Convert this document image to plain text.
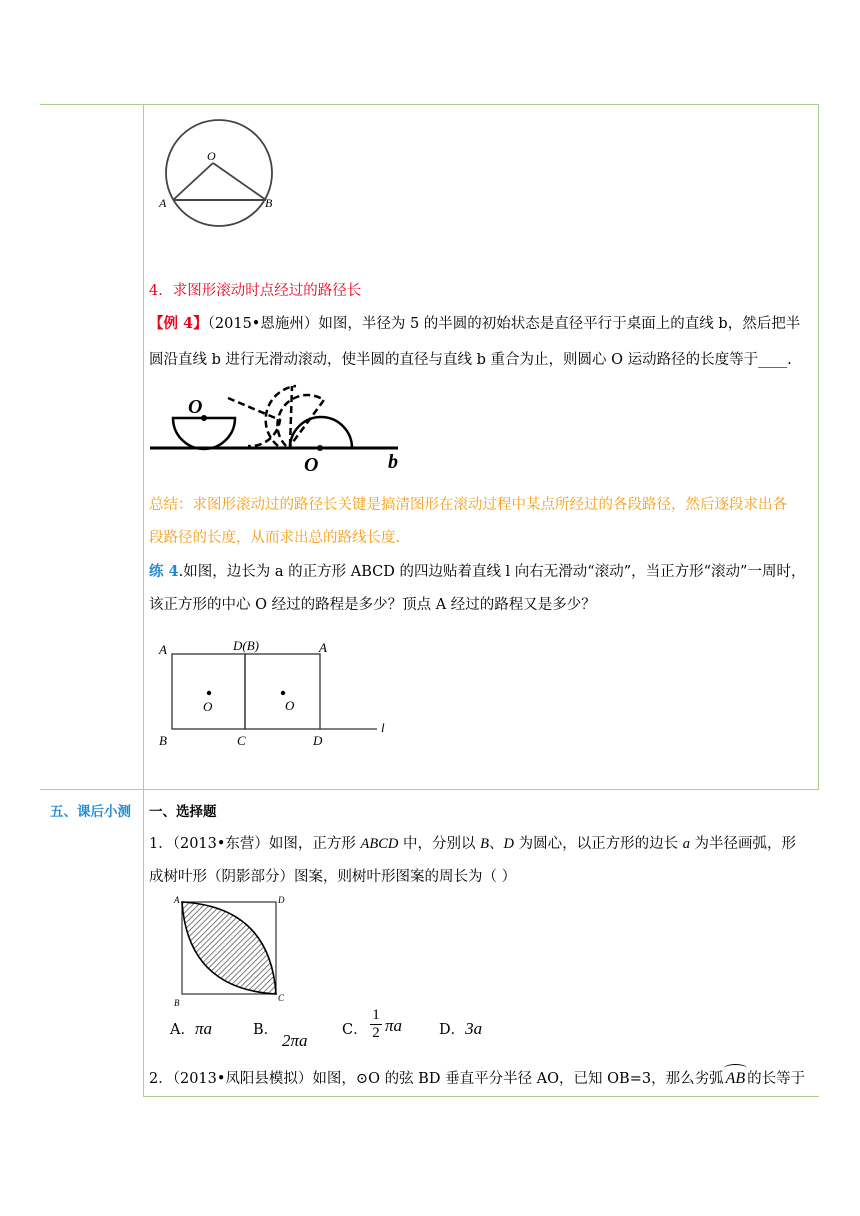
O
A	B
4．求图形滚动时点经过的路径长
【例 4】（2015•恩施州）如图，半径为 5 的半圆的初始状态是直径平行于桌面上的直线 b，然后把半
圆沿直线 b 进行无滑动滚动，使半圆的直径与直线 b 重合为止，则圆心 O 运动路径的长度等于____.
O
O	b
总结：求图形滚动过的路径长关键是搞清图形在滚动过程中某点所经过的各段路径，然后逐段求出各
段路径的长度，从而求出总的路线长度.
练 4.如图，边长为 a 的正方形 ABCD 的四边贴着直线 l 向右无滑动“滚动”，当正方形“滚动”一周时，
该正方形的中心 O 经过的路程是多少？顶点 A 经过的路程又是多少？
A	D(B)	A
O	O
B	C	D
l
五、课后小测 一、选择题
1．（2013•东营）如图，正方形 ABCD 中，分别以 B、D 为圆心，以正方形的边长 a 为半径画弧，形
成树叶形（阴影部分）图案，则树叶形图案的周长为（ ）
A	D
B	C
A．πa	B．
2πa
C．
1
2 πa	D．3a
2．（2013•凤阳县模拟）如图，⊙O 的弦 BD 垂直平分半径 AO，已知 OB=3，那么劣弧 AB 的长等于
